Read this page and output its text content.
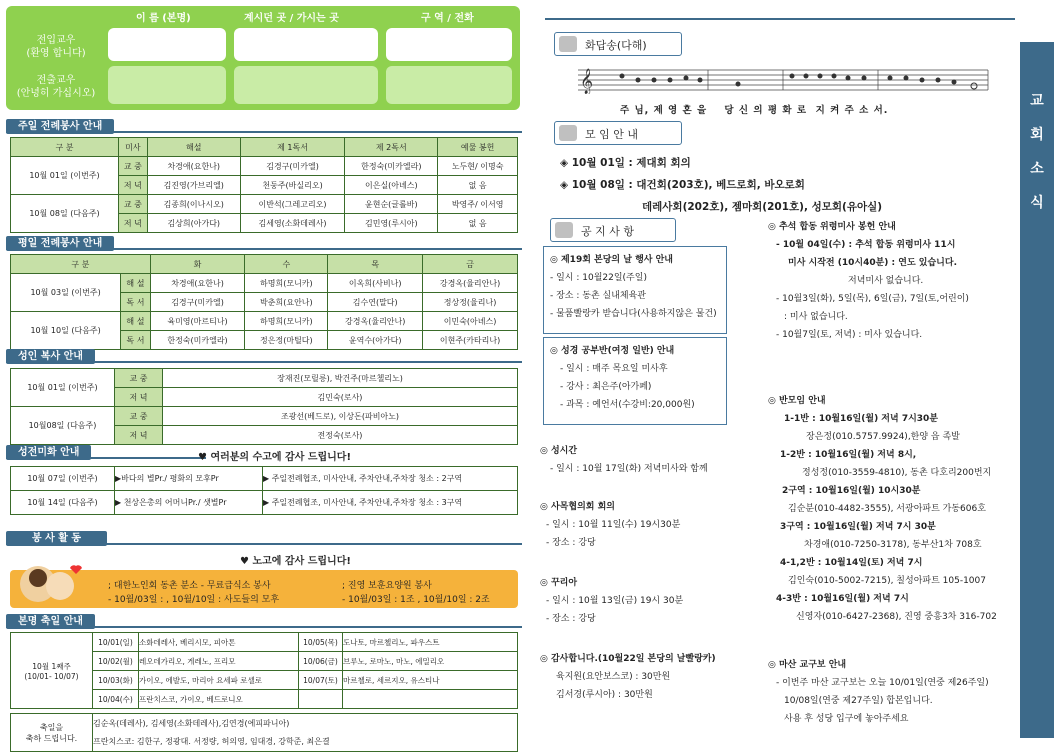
이 름 (본명)	계시던 곳 / 가시는 곳	구 역 / 전화
전입교우
(환영 합니다)
전출교우
(안녕히 가십시오)
주일 전례봉사 안내
구 분	미사	해설	제 1독서	제 2독서	예물 봉헌
10월 01일 (이번주)	교 중	차경애(요한나)	김경구(미카엘)	한정숙(미카엘라)	노두현/ 이명숙
	저 녁	김진영(가브리엘)	천둥주(바실리오)	이은실(아녜스)	없 음
10월 08일 (다음주)	교 중	김종희(이나시오)	이반석(그레고리오)	윤현순(글롤바)	박영주/ 이서영
	저 녁	김상희(아가다)	김세영(소화데레사)	김민영(루시아)	없 음
평일 전례봉사 안내
구 분		화	수	목	금
10월 03일 (이번주)	해 설	차경애(요한나)	하명희(모니카)	이옥희(사비나)	강경옥(율리안나)
	독 서	김경구(미카엘)	박춘희(요안나)	김수연(말다)	정상정(율리나)
10월 10일 (다음주)	해 설	육미영(마르티나)	하명희(모니카)	강경옥(율리안나)	이민숙(아녜스)
	독 서	한정숙(미카엘라)	정은정(마틸다)	윤역수(아가다)	이현주(카타리나)
성인 복사 안내
10월 01일 (이번주)	교 중	장재진(모릴릉), 박건주(마르첼리노)
	저 녁	김민숙(로사)
10월08일 (다음주)	교 중	조광선(베드로), 이상돈(파비아노)
	저 녁	전정숙(로사)
성전미화 안내	♥ 여러분의 수고에 감사 드립니다!
10월 07일 (이번주)	▶바다의 별Pr./ 평화의 모후Pr	▶ 주일전례협조, 미사안내, 주차안내,주차장 청소 : 2구역
10월 14일 (다음주)	▶ 천상은총의 어머니Pr./ 샛별Pr	▶ 주일전례협조, 미사안내, 주차안내,주차장 청소 : 3구역
봉 사 활 동
♥ 노고에 감사 드립니다!
; 대한노인회 동촌 분소 - 무료급식소 봉사
- 10월/03일 : , 10월/10일 : 사도들의 모후
; 진영 보훈요양원 봉사
- 10월/03일 : 1조 , 10월/10일 : 2조
본명 축일 안내
10월 1째주
(10/01- 10/07)	10/01(일)	소화데레사, 베리시모, 피아톤	10/05(목)	도나토, 마르첼리노, 파우스트
	10/02(월)	레오데가리오, 게레노, 프리모	10/06(금)	브루노, 로마노, 마노, 에밀리오
	10/03(화)	가이오, 에발도, 마리아 요세파 로셀로	10/07(토)	마르첼로, 세르지오, 유스티나
	10/04(수)	프란치스코, 가이오, 베드로니오		
축일을
축하 드립니다.	김순옥(데레사), 김세영(소화데레사),김연경(에피파니아)
프란치스코: 김한구, 정광대. 서정량, 허의영, 임대경, 강학준, 최은결
교
회
소
식
화답송(다해)
𝄞
주 님, 제 영 혼 을    당 신 의 평 화 로  지 켜 주 소 서.
모 임 안 내
◈ 10월 01일 : 제대회 회의
◈ 10월 08일 : 대건회(203호), 베드로회, 바오로회
데레사회(202호), 젬마회(201호), 성모회(유아실)
공 지 사 항
◎ 제19회 본당의 날 행사 안내
- 일시 : 10월22일(주일)
- 장소 : 동촌 실내체육관
- 물품빨랑카 받습니다(사용하지않은 물건)
◎ 성경 공부반(여정 일반) 안내
- 일시 : 매주 목요일 미사후
- 강사 : 최은주(아가페)
- 과목 : 예언서(수강비:20,000원)
◎ 성시간
- 일시 : 10월 17일(화) 저녁미사와 함께
◎ 사목협의회 회의
- 일시 : 10월 11일(수) 19시30분
- 장소 : 강당
◎ 꾸리아
- 일시 : 10월 13일(금) 19시 30분
- 장소 : 강당
◎ 감사합니다.(10월22일 본당의 날빨랑카)
육지원(요안보스코) : 30만원
김서경(루시아) : 30만원
◎ 추석 합동 위령미사 봉헌 안내
- 10월 04일(수) : 추석 합동 위령미사 11시
미사 시작전 (10시40분) : 연도 있습니다.
저녁미사 없습니다.
- 10월3일(화), 5일(목), 6일(금), 7일(토,어린이)
: 미사 없습니다.
- 10월7일(토, 저녁) : 미사 있습니다.
◎ 반모임 안내
1-1반 : 10월16일(월) 저녁 7시30분
장은정(010.5757.9924),한양 읍 족발
1-2반 : 10월16일(월) 저녁 8시,
정성정(010-3559-4810), 동촌 다호리200번지
2구역 : 10월16일(월) 10시30분
김순분(010-4482-3555), 서광아파트 가동606호
3구역 : 10월16일(월) 저녁 7시 30분
차경애(010-7250-3178), 동부산1차 708호
4-1,2반 : 10월14일(토) 저녁 7시
김인숙(010-5002-7215), 칠성아파트 105-1007
4-3반 : 10월16일(월) 저녁 7시
신영자(010-6427-2368), 진영 중흥3차 316-702
◎ 마산 교구보 안내
- 이번주 마산 교구보는 오늘 10/01일(연중 제26주일)
10/08일(연중 제27주일) 합본입니다.
사용 후 성당 입구에 놓아주세요
